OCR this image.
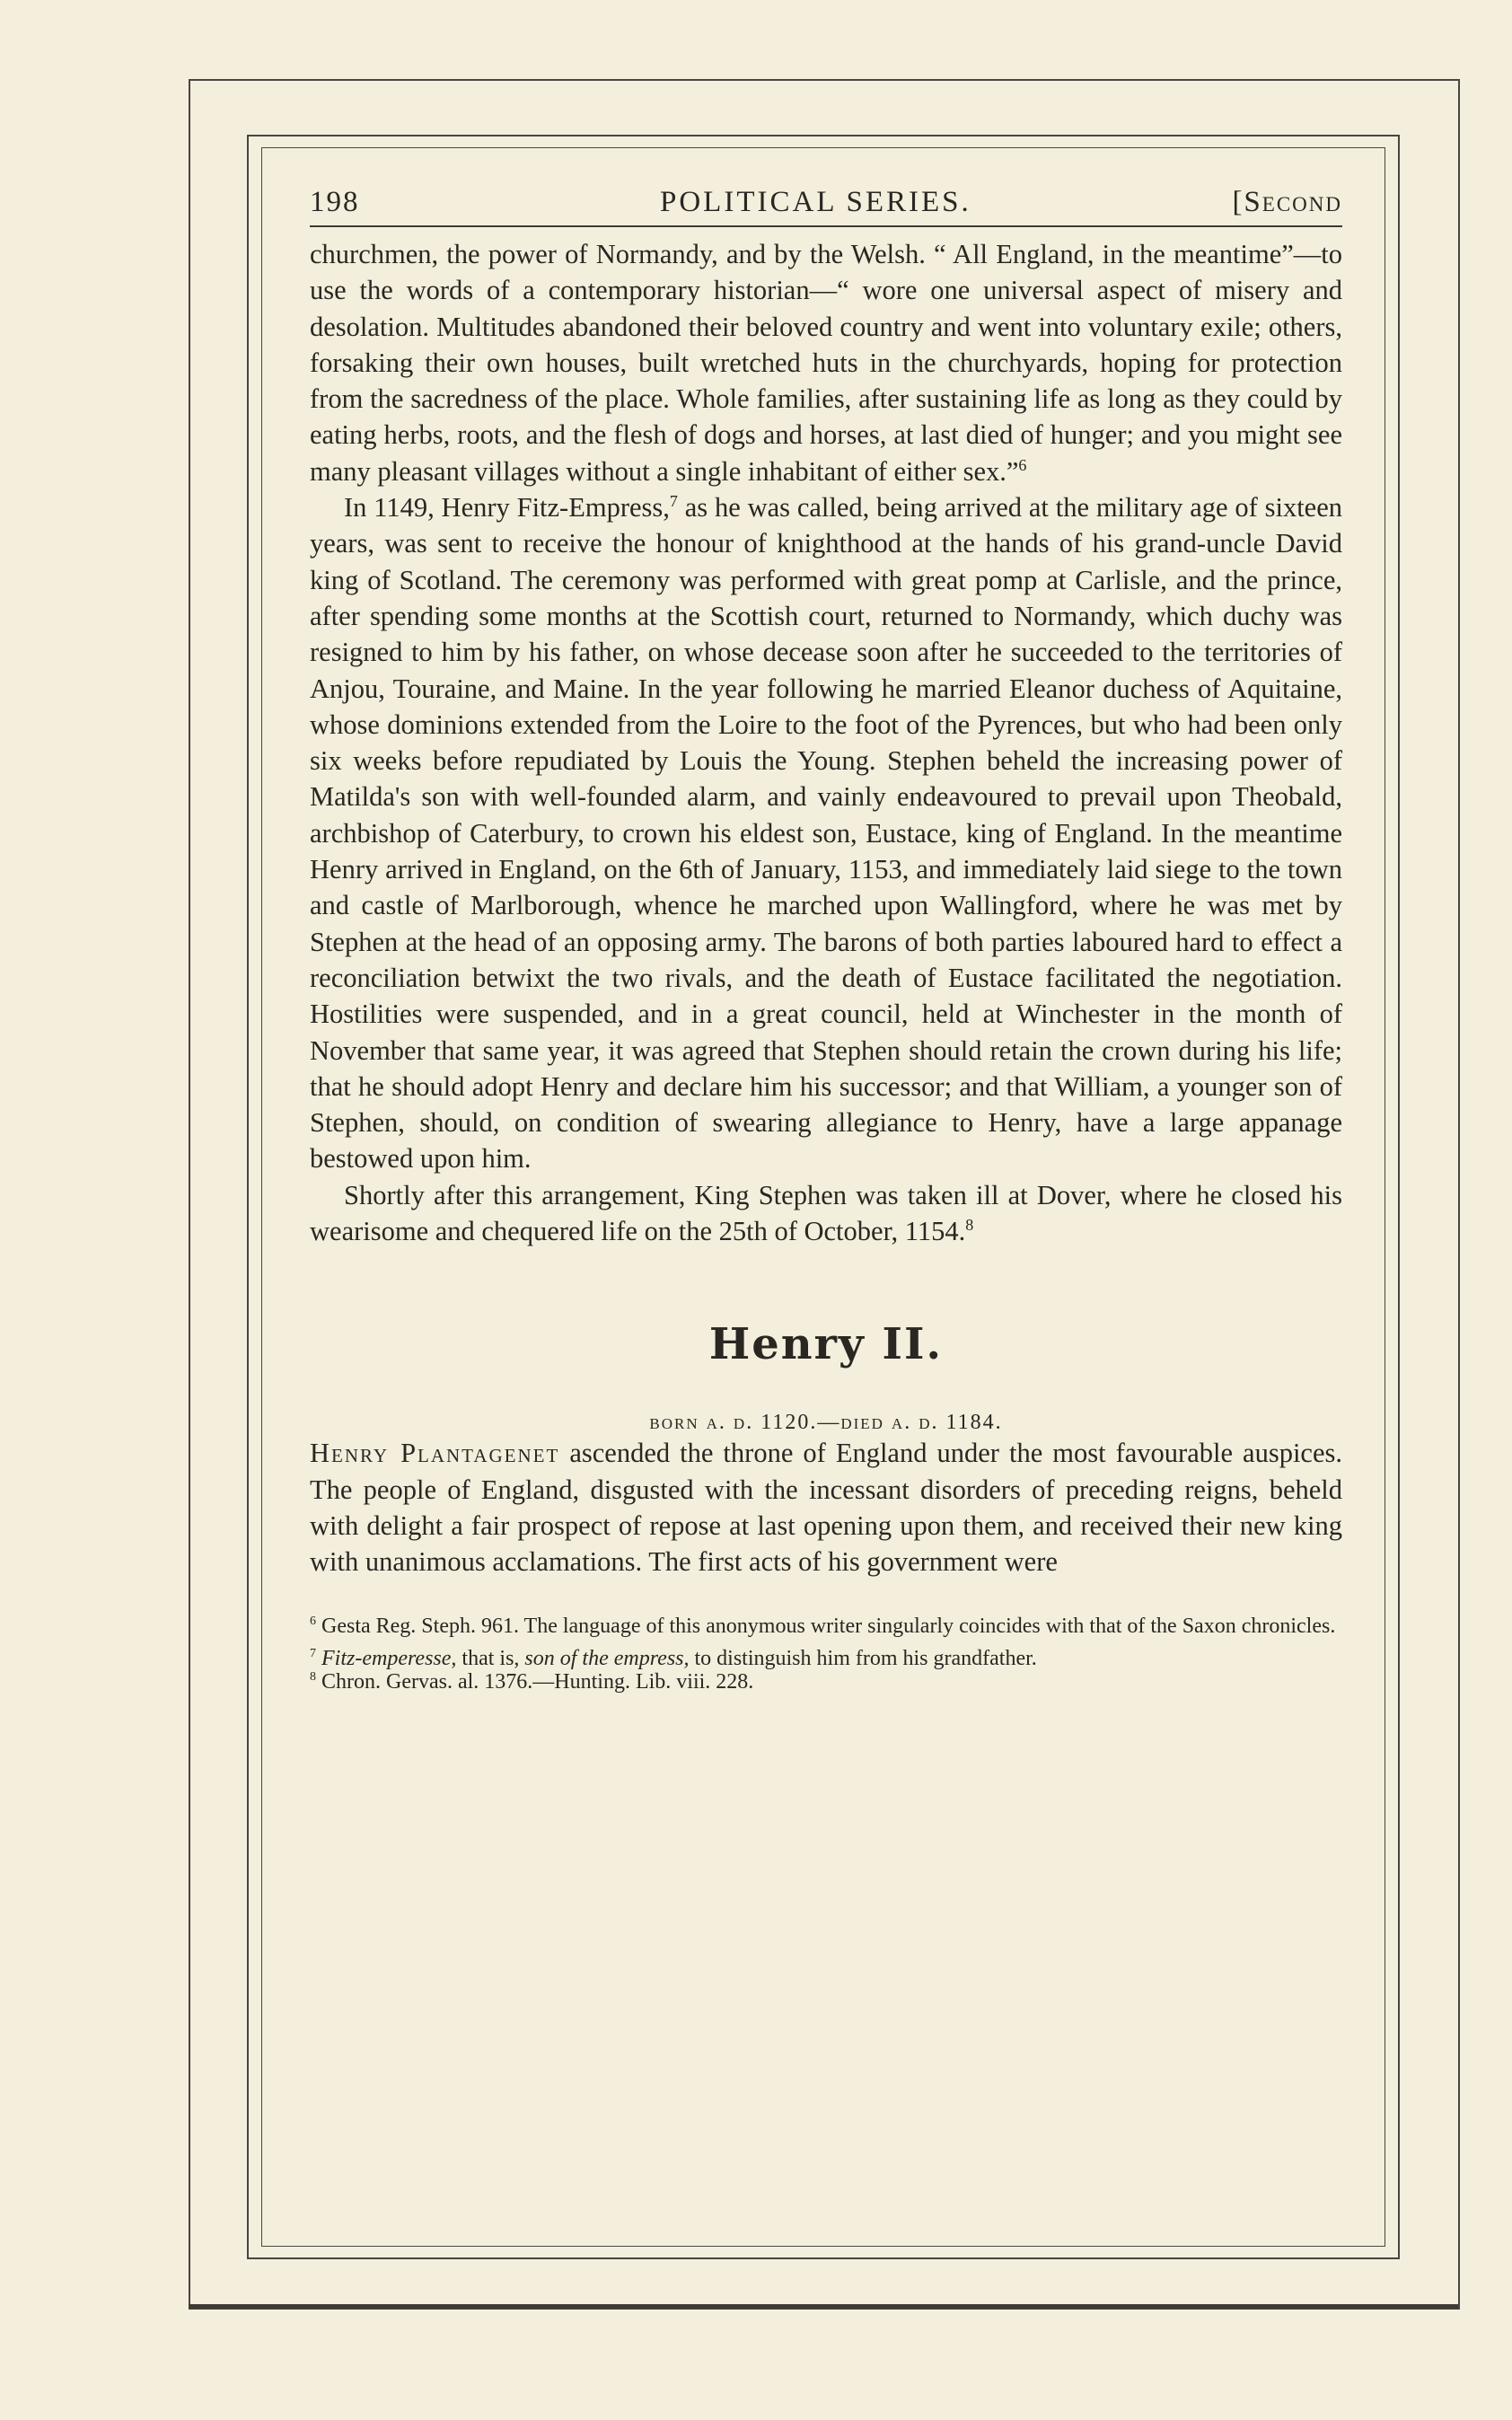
198	POLITICAL SERIES.	[Second

churchmen, the power of Normandy, and by the Welsh. “ All England, in the meantime”—to use the words of a contemporary historian—“ wore one universal aspect of misery and desolation. Multitudes abandoned their beloved country and went into voluntary exile; others, forsaking their own houses, built wretched huts in the churchyards, hoping for protection from the sacredness of the place. Whole families, after sustaining life as long as they could by eating herbs, roots, and the flesh of dogs and horses, at last died of hunger; and you might see many pleasant villages without a single inhabitant of either sex.”$^6$

In 1149, Henry Fitz-Empress,$^7$ as he was called, being arrived at the military age of sixteen years, was sent to receive the honour of knighthood at the hands of his grand-uncle David king of Scotland. The ceremony was performed with great pomp at Carlisle, and the prince, after spending some months at the Scottish court, returned to Normandy, which duchy was resigned to him by his father, on whose decease soon after he succeeded to the territories of Anjou, Touraine, and Maine. In the year following he married Eleanor duchess of Aquitaine, whose dominions extended from the Loire to the foot of the Pyrences, but who had been only six weeks before repudiated by Louis the Young. Stephen beheld the increasing power of Matilda's son with well-founded alarm, and vainly endeavoured to prevail upon Theobald, archbishop of Caterbury, to crown his eldest son, Eustace, king of England. In the meantime Henry arrived in England, on the 6th of January, 1153, and immediately laid siege to the town and castle of Marlborough, whence he marched upon Wallingford, where he was met by Stephen at the head of an opposing army. The barons of both parties laboured hard to effect a reconciliation betwixt the two rivals, and the death of Eustace facilitated the negotiation. Hostilities were suspended, and in a great council, held at Winchester in the month of November that same year, it was agreed that Stephen should retain the crown during his life; that he should adopt Henry and declare him his successor; and that William, a younger son of Stephen, should, on condition of swearing allegiance to Henry, have a large appanage bestowed upon him.

Shortly after this arrangement, King Stephen was taken ill at Dover, where he closed his wearisome and chequered life on the 25th of October, 1154.$^8$

Henry II.
born a. d. 1120.—died a. d. 1184.

Henry Plantagenet ascended the throne of England under the most favourable auspices. The people of England, disgusted with the incessant disorders of preceding reigns, beheld with delight a fair prospect of repose at last opening upon them, and received their new king with unanimous acclamations. The first acts of his government were

$^6$ Gesta Reg. Steph. 961. The language of this anonymous writer singularly coincides with that of the Saxon chronicles.

$^7$ Fitz-emperesse, that is, son of the empress, to distinguish him from his grandfather.

$^8$ Chron. Gervas. al. 1376.—Hunting. Lib. viii. 228.
